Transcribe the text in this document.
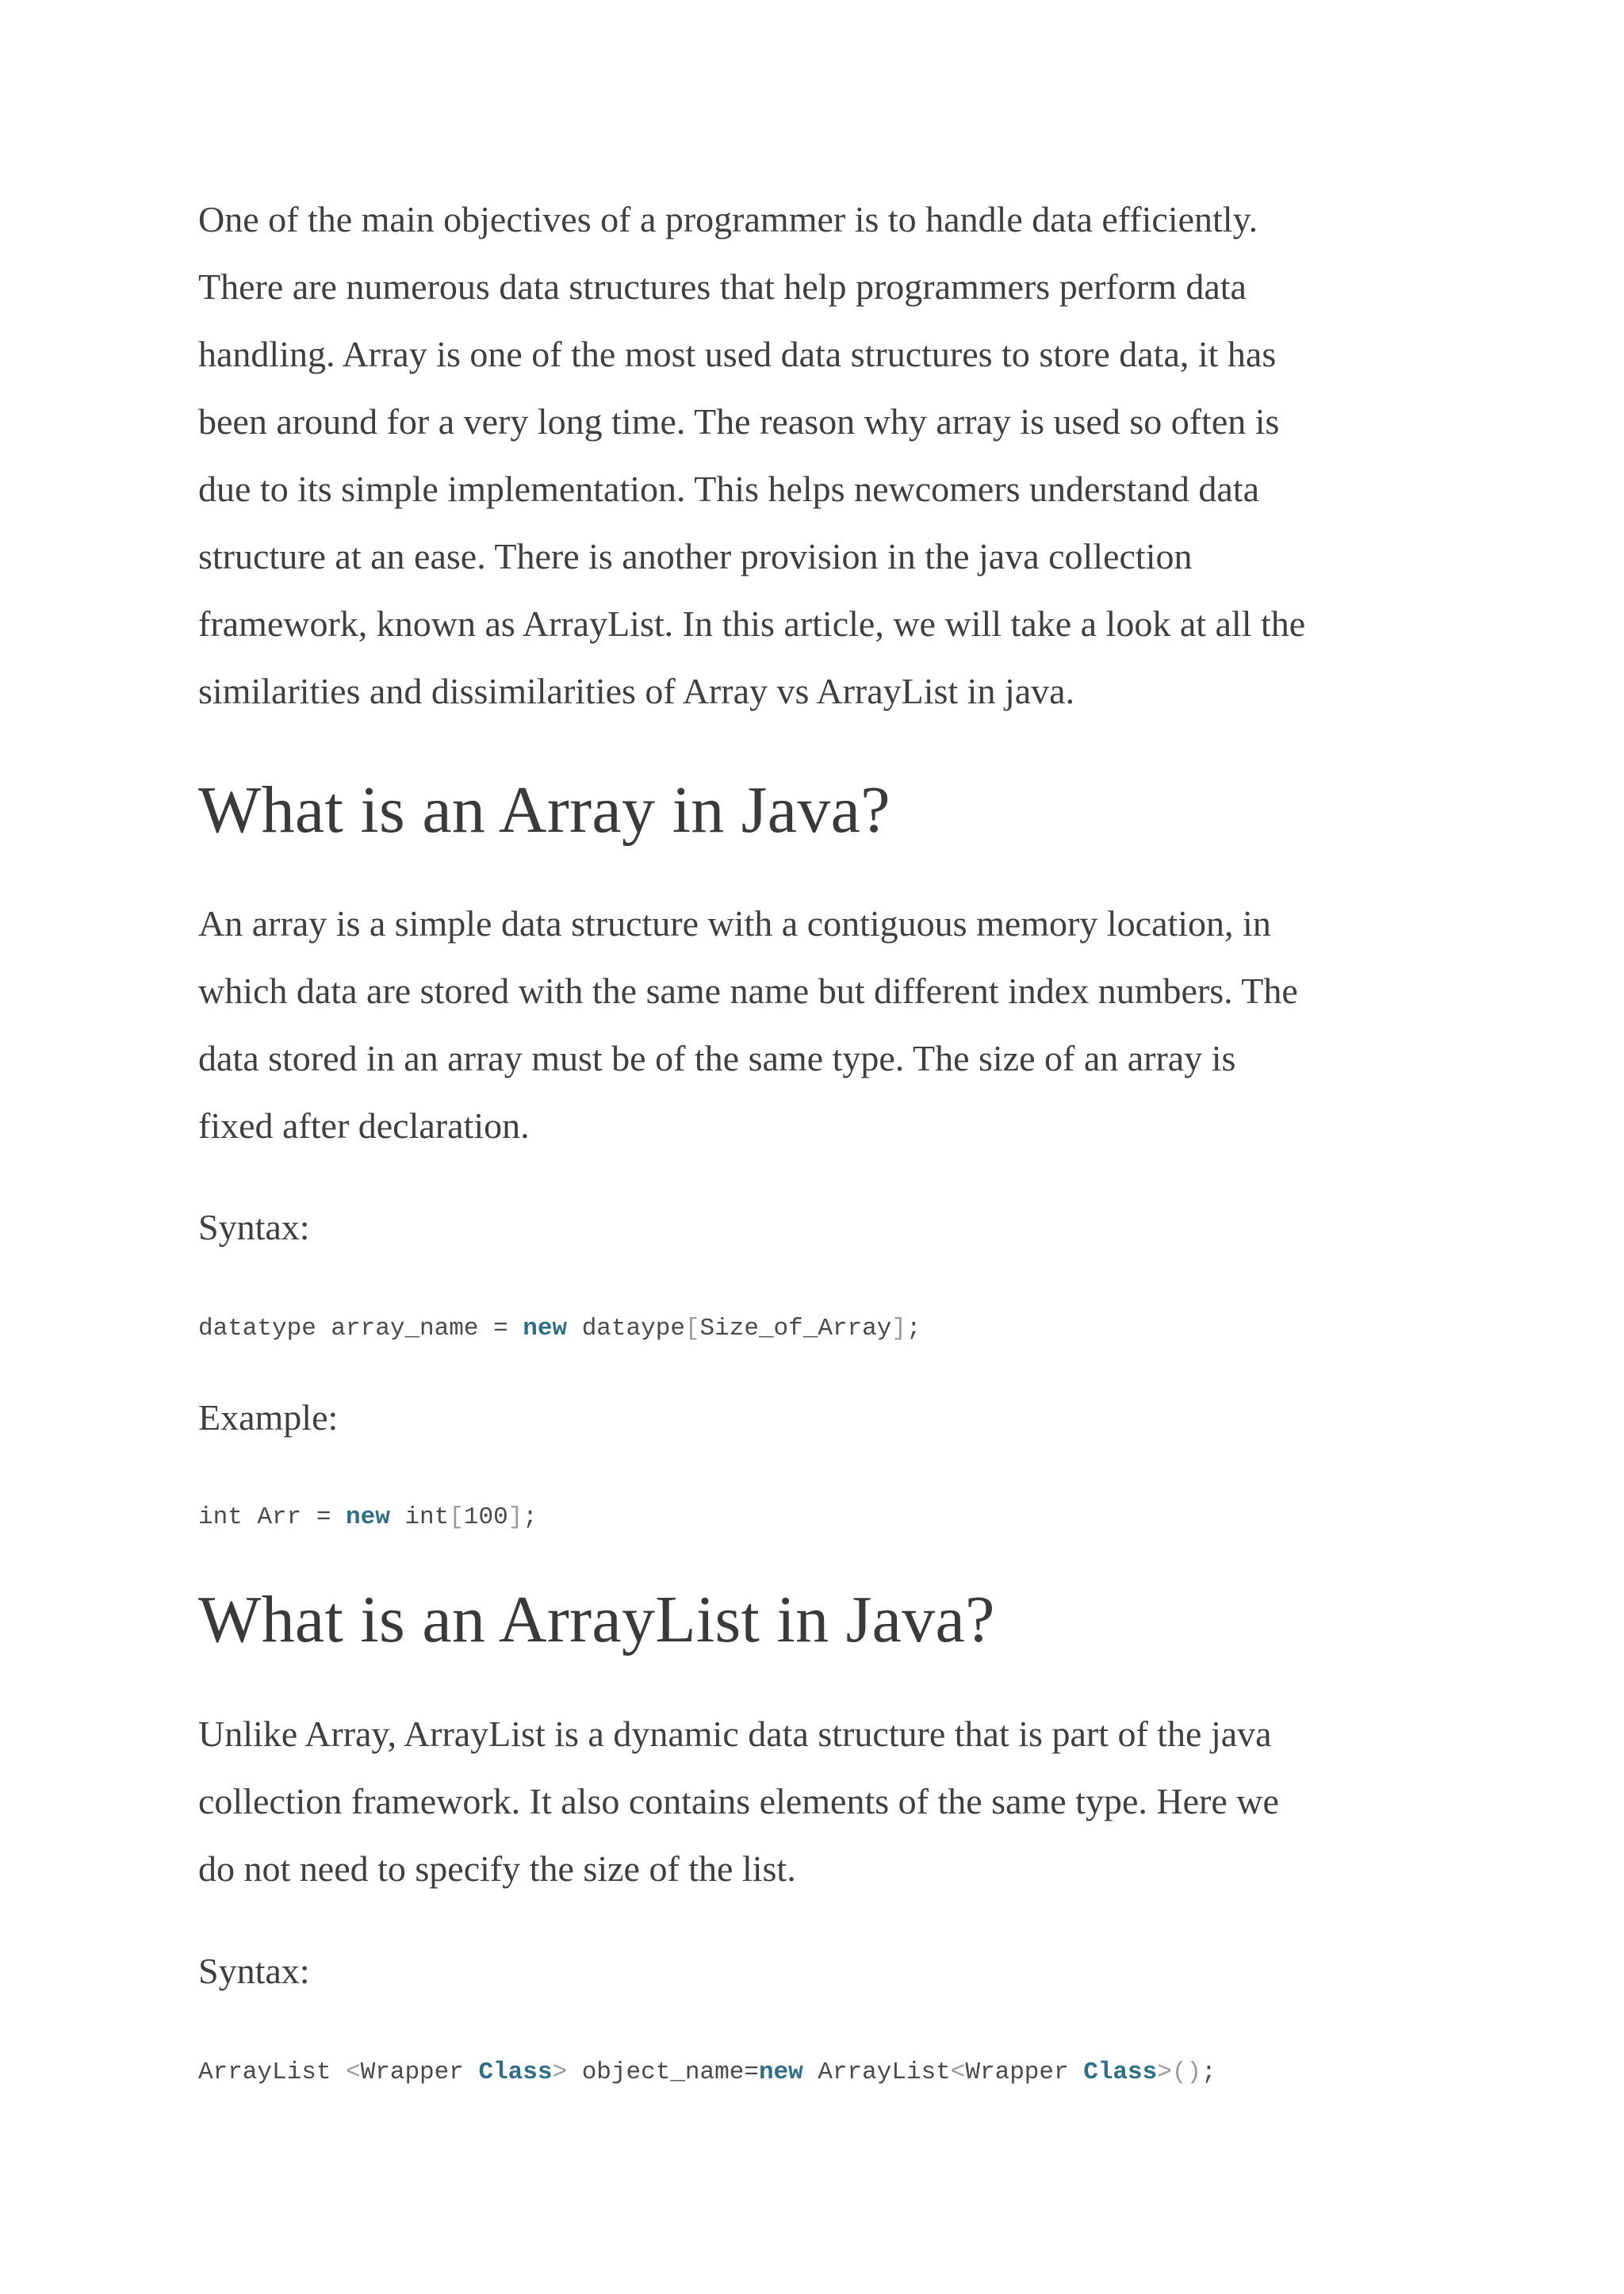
One of the main objectives of a programmer is to handle data efficiently.
There are numerous data structures that help programmers perform data
handling. Array is one of the most used data structures to store data, it has
been around for a very long time. The reason why array is used so often is
due to its simple implementation. This helps newcomers understand data
structure at an ease. There is another provision in the java collection
framework, known as ArrayList. In this article, we will take a look at all the
similarities and dissimilarities of Array vs ArrayList in java.

What is an Array in Java?

An array is a simple data structure with a contiguous memory location, in
which data are stored with the same name but different index numbers. The
data stored in an array must be of the same type. The size of an array is
fixed after declaration.

Syntax:

datatype array_name = new dataype[Size_of_Array];

Example:

int Arr = new int[100];
What is an ArrayList in Java?

Unlike Array, ArrayList is a dynamic data structure that is part of the java
collection framework. It also contains elements of the same type. Here we
do not need to specify the size of the list.

Syntax:

ArrayList <Wrapper Class> object_name=new ArrayList<Wrapper Class>();
